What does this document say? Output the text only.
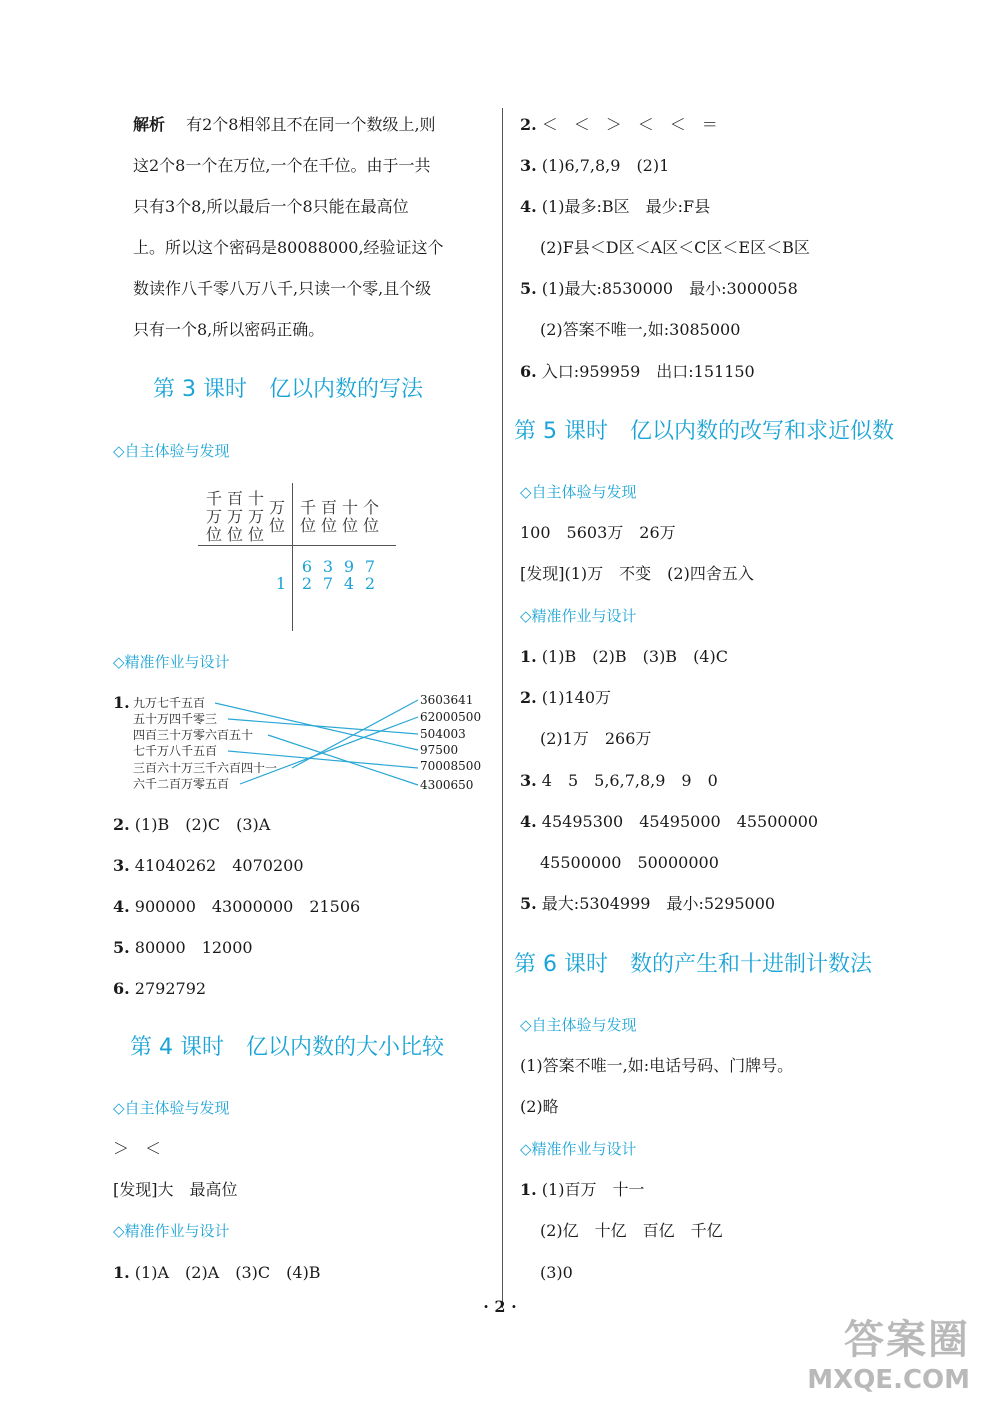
解析 有2个8相邻且不在同一个数级上,则
这2个8一个在万位,一个在千位。由于一共
只有3个8,所以最后一个8只能在最高位
上。所以这个密码是80088000,经验证这个
数读作八千零八万八千,只读一个零,且个级
只有一个8,所以密码正确。
第 3 课时　亿以内数的写法
◇自主体验与发现
千万位
百万位
十万位
万位
千位
百位
十位
个位
6 3 9 7
1 2 7 4 2
◇精准作业与设计
1. 九万七千五百
五十万四千零三
四百三十万零六百五十
七千万八千五百
三百六十万三千六百四十一
六千二百万零五百
3603641
62000500
504003
97500
70008500
4300650
2. (1)B　(2)C　(3)A
3. 41040262　4070200
4. 900000　43000000　21506
5. 80000　12000
6. 2792792
第 4 课时　亿以内数的大小比较
◇自主体验与发现
＞　＜
[发现]大　最高位
◇精准作业与设计
1. (1)A　(2)A　(3)C　(4)B
2. ＜　＜　＞　＜　＜　＝
3. (1)6,7,8,9　(2)1
4. (1)最多:B区　最少:F县
(2)F县＜D区＜A区＜C区＜E区＜B区
5. (1)最大:8530000　最小:3000058
(2)答案不唯一,如:3085000
6. 入口:959959　出口:151150
第 5 课时　亿以内数的改写和求近似数
◇自主体验与发现
100　5603万　26万
[发现](1)万　不变　(2)四舍五入
◇精准作业与设计
1. (1)B　(2)B　(3)B　(4)C
2. (1)140万
(2)1万　266万
3. 4　5　5,6,7,8,9　9　0
4. 45495300　45495000　45500000
45500000　50000000
5. 最大:5304999　最小:5295000
第 6 课时　数的产生和十进制计数法
◇自主体验与发现
(1)答案不唯一,如:电话号码、门牌号。
(2)略
◇精准作业与设计
1. (1)百万　十一
(2)亿　十亿　百亿　千亿
(3)0
· 2 ·
答案圈
MXQE.COM
